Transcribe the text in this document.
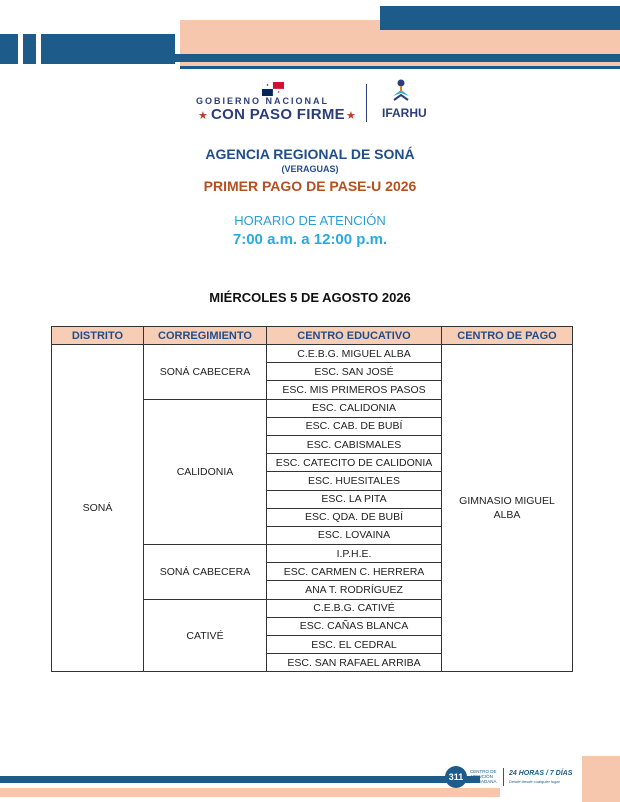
GOBIERNO NACIONAL
★ CON PASO FIRME ★ IFARHU
AGENCIA REGIONAL DE SONÁ
(VERAGUAS)
PRIMER PAGO DE PASE-U 2026
HORARIO DE ATENCIÓN
7:00 a.m. a 12:00 p.m.
MIÉRCOLES 5 DE AGOSTO 2026
DISTRITO	CORREGIMIENTO	CENTRO EDUCATIVO	CENTRO DE PAGO
SONÁ	SONÁ CABECERA	C.E.B.G. MIGUEL ALBA	GIMNASIO MIGUEL ALBA

		ESC. SAN JOSÉ	
		ESC. MIS PRIMEROS PASOS	
	CALIDONIA	ESC. CALIDONIA	
		ESC. CAB. DE BUBÍ	
		ESC. CABISMALES	
		ESC. CATECITO DE CALIDONIA	
		ESC. HUESITALES	
		ESC. LA PITA	
		ESC. QDA. DE BUBÍ	
		ESC. LOVAINA	
	SONÁ CABECERA	I.P.H.E.	
		ESC. CARMEN C. HERRERA	
		ANA T. RODRÍGUEZ	
	CATIVÉ	C.E.B.G. CATIVÉ	
		ESC. CAÑAS BLANCA	
		ESC. EL CEDRAL	
		ESC. SAN RAFAEL ARRIBA	
311
CENTRO DE ATENCIÓN CIUDADANA
24 HORAS / 7 DÍAS
Desde desde cualquier lugar
